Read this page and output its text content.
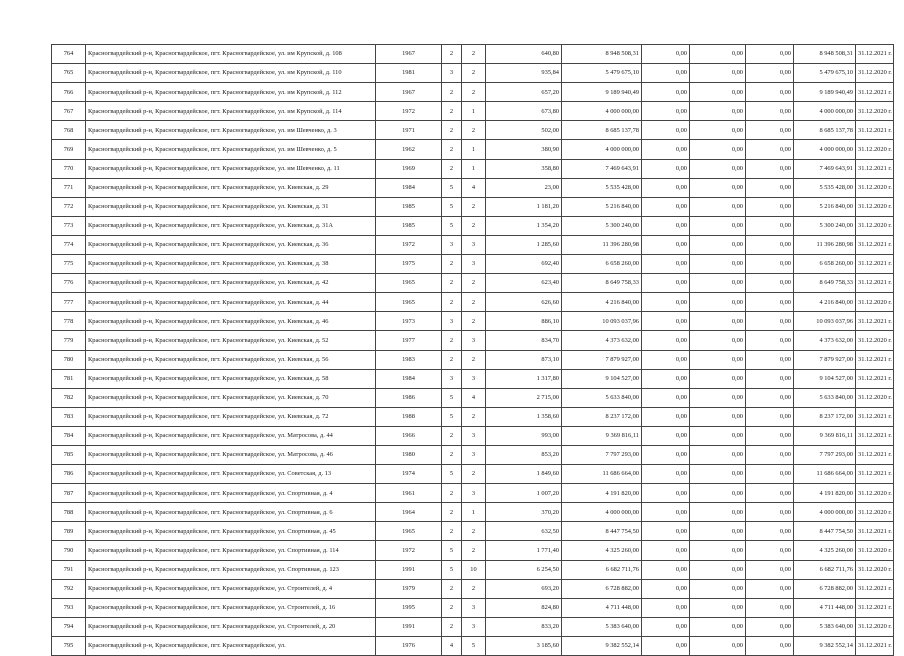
764	Красногвардейский р-н, Красногвардейское, пгт. Красногвардейское, ул. им Крупской, д. 108	1967	2	2	640,80	8 948 508,31	0,00	0,00	0,00	8 948 508,31	31.12.2021 г.
765	Красногвардейский р-н, Красногвардейское, пгт. Красногвардейское, ул. им Крупской, д. 110	1981	3	2	935,84	5 479 675,10	0,00	0,00	0,00	5 479 675,10	31.12.2020 г.
766	Красногвардейский р-н, Красногвардейское, пгт. Красногвардейское, ул. им Крупской, д. 112	1967	2	2	657,20	9 189 940,49	0,00	0,00	0,00	9 189 940,49	31.12.2021 г.
767	Красногвардейский р-н, Красногвардейское, пгт. Красногвардейское, ул. им Крупской, д. 114	1972	2	1	673,80	4 000 000,00	0,00	0,00	0,00	4 000 000,00	31.12.2020 г.
768	Красногвардейский р-н, Красногвардейское, пгт. Красногвардейское, ул. им Шевченко, д. 3	1971	2	2	502,00	8 685 137,78	0,00	0,00	0,00	8 685 137,78	31.12.2021 г.
769	Красногвардейский р-н, Красногвардейское, пгт. Красногвардейское, ул. им Шевченко, д. 5	1962	2	1	380,90	4 000 000,00	0,00	0,00	0,00	4 000 000,00	31.12.2020 г.
770	Красногвардейский р-н, Красногвардейское, пгт. Красногвардейское, ул. им Шевченко, д. 11	1969	2	1	358,80	7 469 643,91	0,00	0,00	0,00	7 469 643,91	31.12.2021 г.
771	Красногвардейский р-н, Красногвардейское, пгт. Красногвардейское, ул. Киевская, д. 29	1984	5	4	23,00	5 535 428,00	0,00	0,00	0,00	5 535 428,00	31.12.2020 г.
772	Красногвардейский р-н, Красногвардейское, пгт. Красногвардейское, ул. Киевская, д. 31	1985	5	2	1 181,20	5 216 840,00	0,00	0,00	0,00	5 216 840,00	31.12.2020 г.
773	Красногвардейский р-н, Красногвардейское, пгт. Красногвардейское, ул. Киевская, д. 31А	1985	5	2	1 354,20	5 300 240,00	0,00	0,00	0,00	5 300 240,00	31.12.2020 г.
774	Красногвардейский р-н, Красногвардейское, пгт. Красногвардейское, ул. Киевская, д. 36	1972	3	3	1 285,60	11 396 280,98	0,00	0,00	0,00	11 396 280,98	31.12.2021 г.
775	Красногвардейский р-н, Красногвардейское, пгт. Красногвардейское, ул. Киевская, д. 38	1975	2	3	692,40	6 658 260,00	0,00	0,00	0,00	6 658 260,00	31.12.2021 г.
776	Красногвардейский р-н, Красногвардейское, пгт. Красногвардейское, ул. Киевская, д. 42	1965	2	2	623,40	8 649 758,33	0,00	0,00	0,00	8 649 758,33	31.12.2021 г.
777	Красногвардейский р-н, Красногвардейское, пгт. Красногвардейское, ул. Киевская, д. 44	1965	2	2	626,60	4 216 840,00	0,00	0,00	0,00	4 216 840,00	31.12.2020 г.
778	Красногвардейский р-н, Красногвардейское, пгт. Красногвардейское, ул. Киевская, д. 46	1973	3	2	886,10	10 093 037,96	0,00	0,00	0,00	10 093 037,96	31.12.2021 г.
779	Красногвардейский р-н, Красногвардейское, пгт. Красногвардейское, ул. Киевская, д. 52	1977	2	3	834,70	4 373 632,00	0,00	0,00	0,00	4 373 632,00	31.12.2020 г.
780	Красногвардейский р-н, Красногвардейское, пгт. Красногвардейское, ул. Киевская, д. 56	1983	2	2	873,10	7 879 927,00	0,00	0,00	0,00	7 879 927,00	31.12.2021 г.
781	Красногвардейский р-н, Красногвардейское, пгт. Красногвардейское, ул. Киевская, д. 58	1984	3	3	1 317,80	9 104 527,00	0,00	0,00	0,00	9 104 527,00	31.12.2021 г.
782	Красногвардейский р-н, Красногвардейское, пгт. Красногвардейское, ул. Киевская, д. 70	1986	5	4	2 715,00	5 633 840,00	0,00	0,00	0,00	5 633 840,00	31.12.2020 г.
783	Красногвардейский р-н, Красногвардейское, пгт. Красногвардейское, ул. Киевская, д. 72	1988	5	2	1 358,60	8 237 172,00	0,00	0,00	0,00	8 237 172,00	31.12.2021 г.
784	Красногвардейский р-н, Красногвардейское, пгт. Красногвардейское, ул. Матросова, д. 44	1966	2	3	993,00	9 369 816,11	0,00	0,00	0,00	9 369 816,11	31.12.2021 г.
785	Красногвардейский р-н, Красногвардейское, пгт. Красногвардейское, ул. Матросова, д. 46	1980	2	3	853,20	7 797 293,00	0,00	0,00	0,00	7 797 293,00	31.12.2021 г.
786	Красногвардейский р-н, Красногвардейское, пгт. Красногвардейское, ул. Советская, д. 13	1974	5	2	1 849,60	11 686 664,00	0,00	0,00	0,00	11 686 664,00	31.12.2021 г.
787	Красногвардейский р-н, Красногвардейское, пгт. Красногвардейское, ул. Спортивная, д. 4	1961	2	3	1 007,20	4 191 820,00	0,00	0,00	0,00	4 191 820,00	31.12.2020 г.
788	Красногвардейский р-н, Красногвардейское, пгт. Красногвардейское, ул. Спортивная, д. 6	1964	2	1	370,20	4 000 000,00	0,00	0,00	0,00	4 000 000,00	31.12.2020 г.
789	Красногвардейский р-н, Красногвардейское, пгт. Красногвардейское, ул. Спортивная, д. 45	1965	2	2	632,50	8 447 754,50	0,00	0,00	0,00	8 447 754,50	31.12.2021 г.
790	Красногвардейский р-н, Красногвардейское, пгт. Красногвардейское, ул. Спортивная, д. 114	1972	5	2	1 771,40	4 325 260,00	0,00	0,00	0,00	4 325 260,00	31.12.2020 г.
791	Красногвардейский р-н, Красногвардейское, пгт. Красногвардейское, ул. Спортивная, д. 123	1991	5	10	6 254,50	6 682 711,76	0,00	0,00	0,00	6 682 711,76	31.12.2020 г.
792	Красногвардейский р-н, Красногвардейское, пгт. Красногвардейское, ул. Строителей, д. 4	1979	2	2	693,20	6 728 882,00	0,00	0,00	0,00	6 728 882,00	31.12.2021 г.
793	Красногвардейский р-н, Красногвардейское, пгт. Красногвардейское, ул. Строителей, д. 16	1995	2	3	824,80	4 711 448,00	0,00	0,00	0,00	4 711 448,00	31.12.2021 г.
794	Красногвардейский р-н, Красногвардейское, пгт. Красногвардейское, ул. Строителей, д. 20	1991	2	3	833,20	5 383 640,00	0,00	0,00	0,00	5 383 640,00	31.12.2020 г.
795	Красногвардейский р-н, Красногвардейское, пгт. Красногвардейское, ул.	1976	4	5	3 185,60	9 382 552,14	0,00	0,00	0,00	9 382 552,14	31.12.2021 г.
